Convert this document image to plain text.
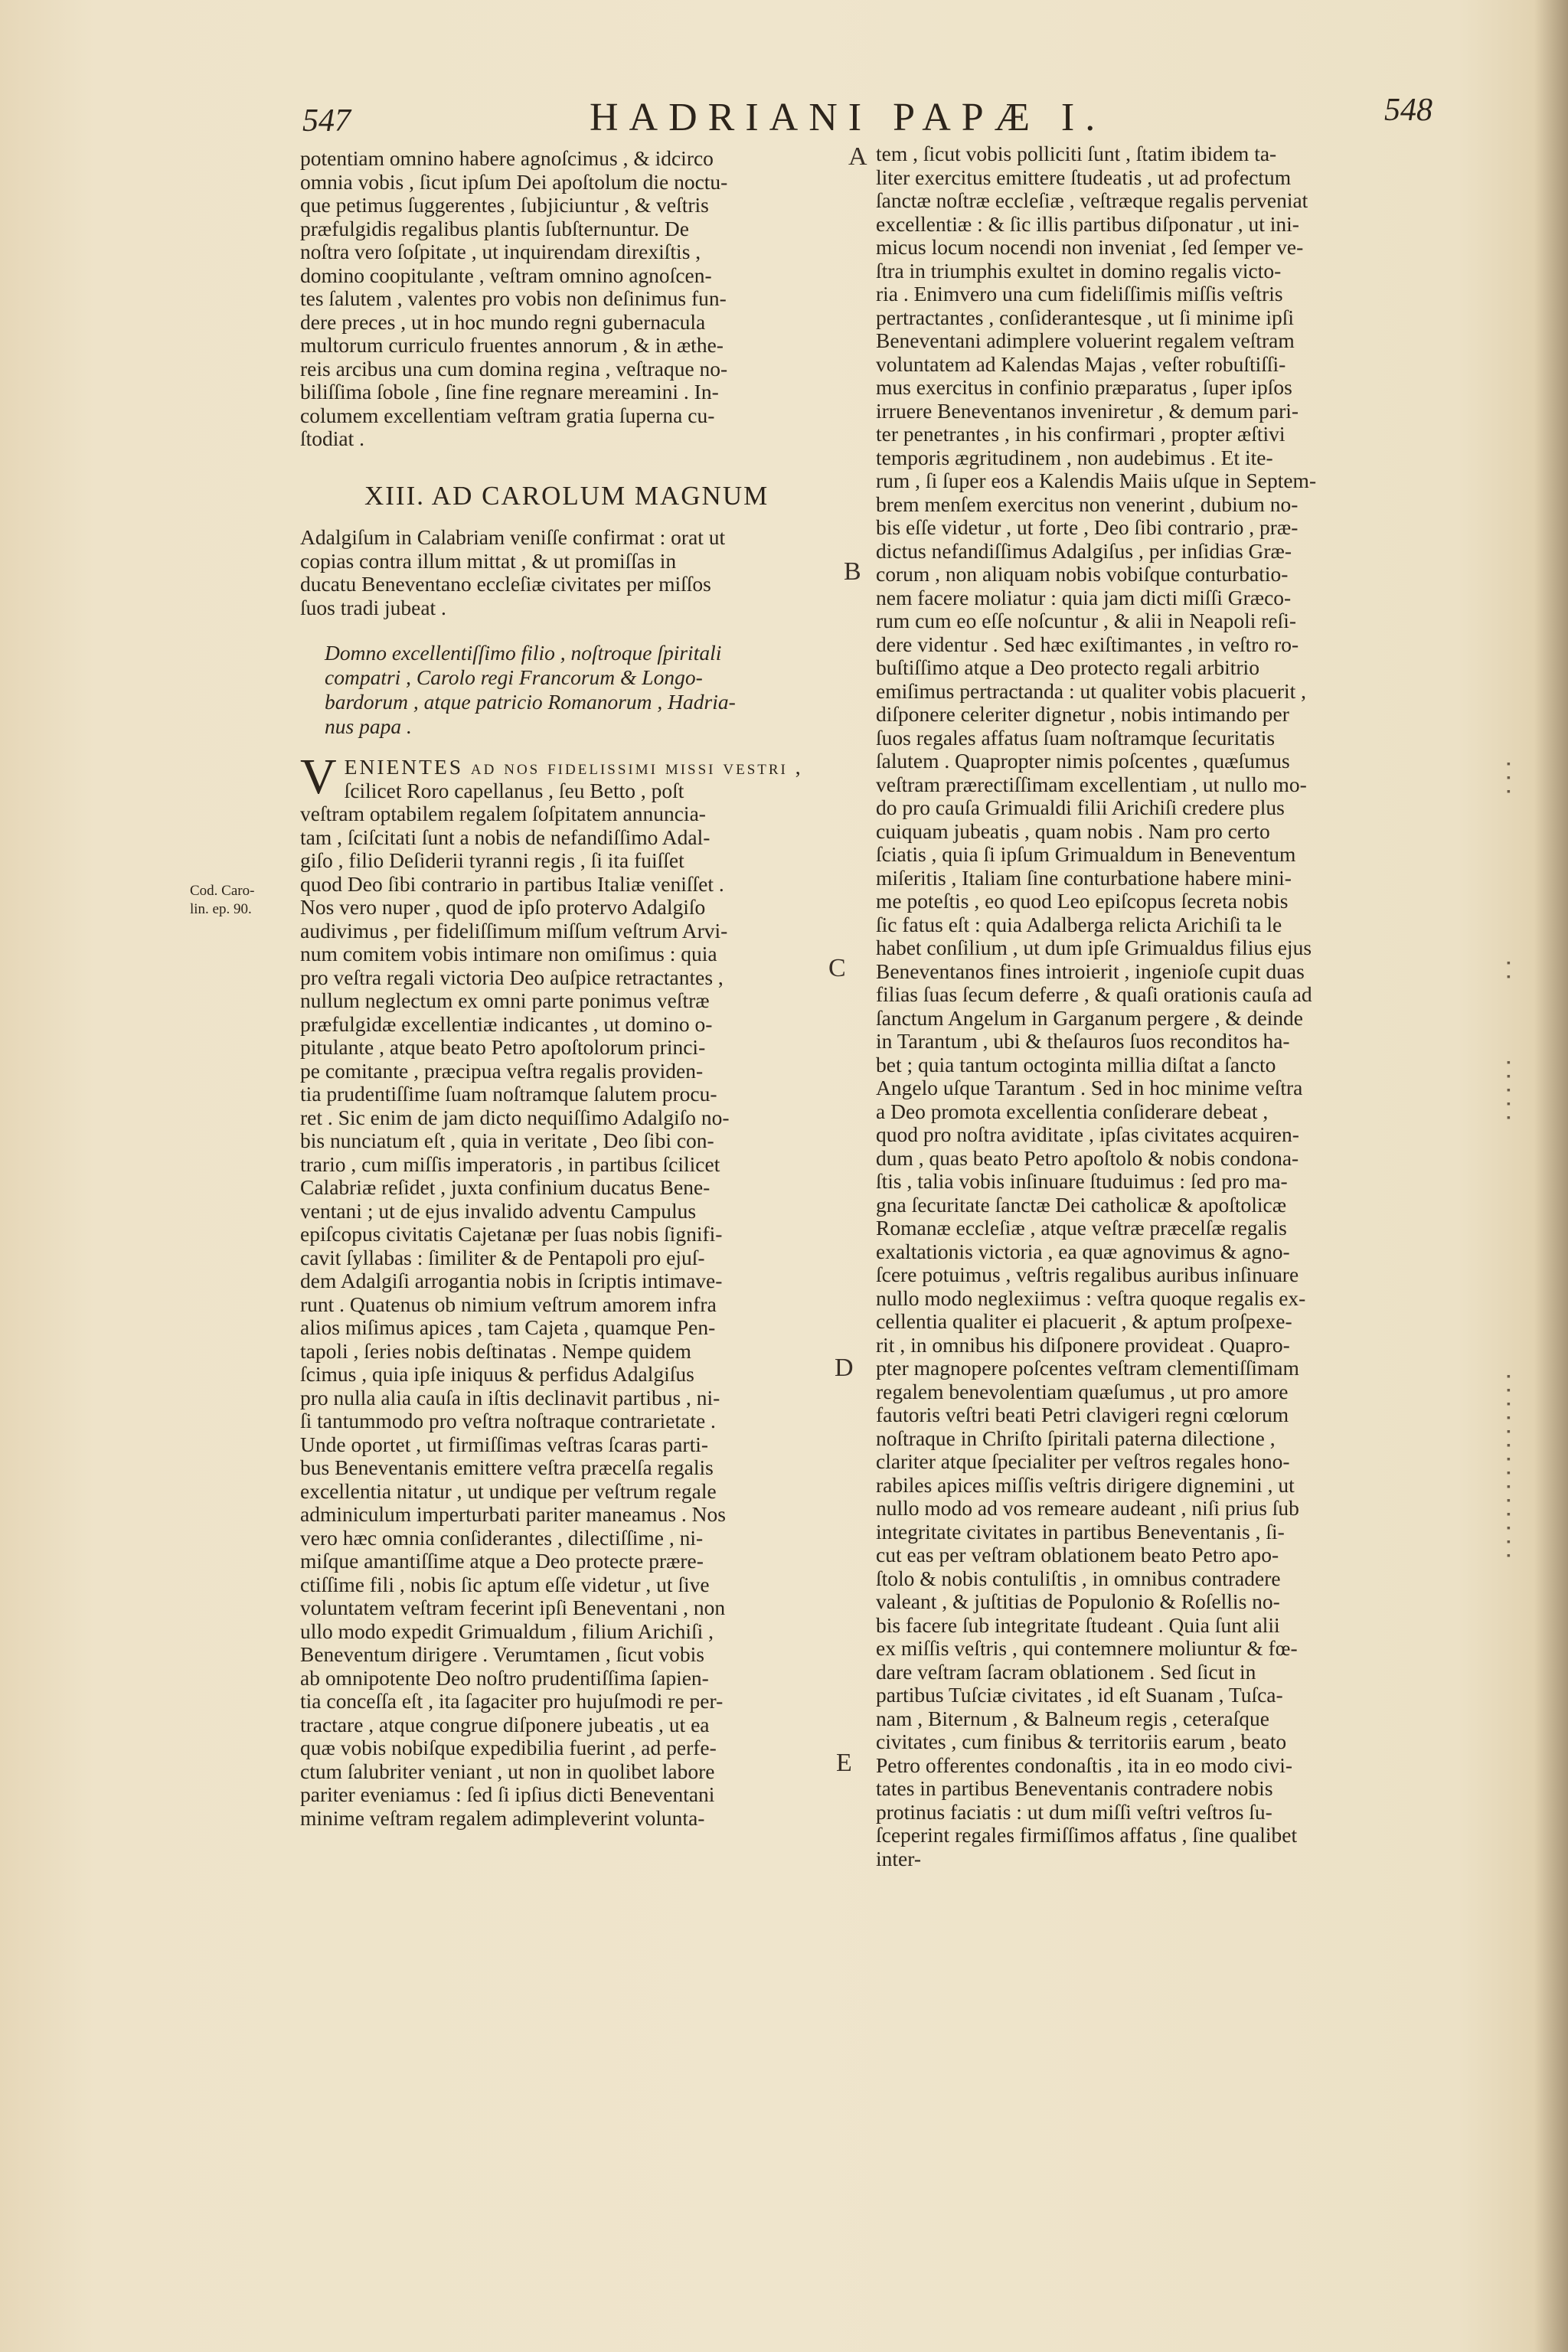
547	HADRIANI PAPÆ I.	548
A
B
C
D
E
Cod. Caro-
lin. ep. 90.
potentiam omnino habere agnoſcimus , & idcirco
omnia vobis , ſicut ipſum Dei apoſtolum die noctu-
que petimus ſuggerentes , ſubjiciuntur , & veſtris
præfulgidis regalibus plantis ſubſternuntur. De
noſtra vero ſoſpitate , ut inquirendam direxiſtis ,
domino coopitulante , veſtram omnino agnoſcen-
tes ſalutem , valentes pro vobis non deſinimus fun-
dere preces , ut in hoc mundo regni gubernacula
multorum curriculo fruentes annorum , & in æthe-
reis arcibus una cum domina regina , veſtraque no-
biliſſima ſobole , ſine fine regnare mereamini . In-
columem excellentiam veſtram gratia ſuperna cu-
ſtodiat .
XIII. AD CAROLUM MAGNUM
Adalgiſum in Calabriam veniſſe confirmat : orat ut
copias contra illum mittat , & ut promiſſas in
ducatu Beneventano eccleſiæ civitates per miſſos
ſuos tradi jubeat .
Domno excellentiſſimo filio , noſtroque ſpiritali
compatri , Carolo regi Francorum & Longo-
bardorum , atque patricio Romanorum , Hadria-
nus papa .
V ENIENTES ad nos fideliſſimi miſſi veſtri ,
ſcilicet Roro capellanus , ſeu Betto , poſt
veſtram optabilem regalem ſoſpitatem annuncia-
tam , ſciſcitati ſunt a nobis de nefandiſſimo Adal-
giſo , filio Deſiderii tyranni regis , ſi ita fuiſſet
quod Deo ſibi contrario in partibus Italiæ veniſſet .
Nos vero nuper , quod de ipſo protervo Adalgiſo
audivimus , per fideliſſimum miſſum veſtrum Arvi-
num comitem vobis intimare non omiſimus : quia
pro veſtra regali victoria Deo auſpice retractantes ,
nullum neglectum ex omni parte ponimus veſtræ
præfulgidæ excellentiæ indicantes , ut domino o-
pitulante , atque beato Petro apoſtolorum princi-
pe comitante , præcipua veſtra regalis providen-
tia prudentiſſime ſuam noſtramque ſalutem procu-
ret . Sic enim de jam dicto nequiſſimo Adalgiſo no-
bis nunciatum eſt , quia in veritate , Deo ſibi con-
trario , cum miſſis imperatoris , in partibus ſcilicet
Calabriæ reſidet , juxta confinium ducatus Bene-
ventani ; ut de ejus invalido adventu Campulus
epiſcopus civitatis Cajetanæ per ſuas nobis ſignifi-
cavit ſyllabas : ſimiliter & de Pentapoli pro ejuſ-
dem Adalgiſi arrogantia nobis in ſcriptis intimave-
runt . Quatenus ob nimium veſtrum amorem infra
alios miſimus apices , tam Cajeta , quamque Pen-
tapoli , ſeries nobis deſtinatas . Nempe quidem
ſcimus , quia ipſe iniquus & perfidus Adalgiſus
pro nulla alia cauſa in iſtis declinavit partibus , ni-
ſi tantummodo pro veſtra noſtraque contrarietate .
Unde oportet , ut firmiſſimas veſtras ſcaras parti-
bus Beneventanis emittere veſtra præcelſa regalis
excellentia nitatur , ut undique per veſtrum regale
adminiculum imperturbati pariter maneamus . Nos
vero hæc omnia conſiderantes , dilectiſſime , ni-
miſque amantiſſime atque a Deo protecte prære-
ctiſſime fili , nobis ſic aptum eſſe videtur , ut ſive
voluntatem veſtram fecerint ipſi Beneventani , non
ullo modo expedit Grimualdum , filium Arichiſi ,
Beneventum dirigere . Verumtamen , ſicut vobis
ab omnipotente Deo noſtro prudentiſſima ſapien-
tia conceſſa eſt , ita ſagaciter pro hujuſmodi re per-
tractare , atque congrue diſponere jubeatis , ut ea
quæ vobis nobiſque expedibilia fuerint , ad perfe-
ctum ſalubriter veniant , ut non in quolibet labore
pariter eveniamus : ſed ſi ipſius dicti Beneventani
minime veſtram regalem adimpleverint volunta-
tem , ſicut vobis polliciti ſunt , ſtatim ibidem ta-
liter exercitus emittere ſtudeatis , ut ad profectum
ſanctæ noſtræ eccleſiæ , veſtræque regalis perveniat
excellentiæ : & ſic illis partibus diſponatur , ut ini-
micus locum nocendi non inveniat , ſed ſemper ve-
ſtra in triumphis exultet in domino regalis victo-
ria . Enimvero una cum fideliſſimis miſſis veſtris
pertractantes , conſiderantesque , ut ſi minime ipſi
Beneventani adimplere voluerint regalem veſtram
voluntatem ad Kalendas Majas , veſter robuſtiſſi-
mus exercitus in confinio præparatus , ſuper ipſos
irruere Beneventanos inveniretur , & demum pari-
ter penetrantes , in his confirmari , propter æſtivi
temporis ægritudinem , non audebimus . Et ite-
rum , ſi ſuper eos a Kalendis Maiis uſque in Septem-
brem menſem exercitus non venerint , dubium no-
bis eſſe videtur , ut forte , Deo ſibi contrario , præ-
dictus nefandiſſimus Adalgiſus , per inſidias Græ-
corum , non aliquam nobis vobiſque conturbatio-
nem facere moliatur : quia jam dicti miſſi Græco-
rum cum eo eſſe noſcuntur , & alii in Neapoli reſi-
dere videntur . Sed hæc exiſtimantes , in veſtro ro-
buſtiſſimo atque a Deo protecto regali arbitrio
emiſimus pertractanda : ut qualiter vobis placuerit ,
diſponere celeriter dignetur , nobis intimando per
ſuos regales affatus ſuam noſtramque ſecuritatis
ſalutem . Quapropter nimis poſcentes , quæſumus
veſtram prærectiſſimam excellentiam , ut nullo mo-
do pro cauſa Grimualdi filii Arichiſi credere plus
cuiquam jubeatis , quam nobis . Nam pro certo
ſciatis , quia ſi ipſum Grimualdum in Beneventum
miſeritis , Italiam ſine conturbatione habere mini-
me poteſtis , eo quod Leo epiſcopus ſecreta nobis
ſic fatus eſt : quia Adalberga relicta Arichiſi ta le
habet conſilium , ut dum ipſe Grimualdus filius ejus
Beneventanos fines introierit , ingenioſe cupit duas
filias ſuas ſecum deferre , & quaſi orationis cauſa ad
ſanctum Angelum in Garganum pergere , & deinde
in Tarantum , ubi & theſauros ſuos reconditos ha-
bet ; quia tantum octoginta millia diſtat a ſancto
Angelo uſque Tarantum . Sed in hoc minime veſtra
a Deo promota excellentia conſiderare debeat ,
quod pro noſtra aviditate , ipſas civitates acquiren-
dum , quas beato Petro apoſtolo & nobis condona-
ſtis , talia vobis inſinuare ſtuduimus : ſed pro ma-
gna ſecuritate ſanctæ Dei catholicæ & apoſtolicæ
Romanæ eccleſiæ , atque veſtræ præcelſæ regalis
exaltationis victoria , ea quæ agnovimus & agno-
ſcere potuimus , veſtris regalibus auribus inſinuare
nullo modo neglexiimus : veſtra quoque regalis ex-
cellentia qualiter ei placuerit , & aptum proſpexe-
rit , in omnibus his diſponere provideat . Quapro-
pter magnopere poſcentes veſtram clementiſſimam
regalem benevolentiam quæſumus , ut pro amore
fautoris veſtri beati Petri clavigeri regni cœlorum
noſtraque in Chriſto ſpiritali paterna dilectione ,
clariter atque ſpecialiter per veſtros regales hono-
rabiles apices miſſis veſtris dirigere dignemini , ut
nullo modo ad vos remeare audeant , niſi prius ſub
integritate civitates in partibus Beneventanis , ſi-
cut eas per veſtram oblationem beato Petro apo-
ſtolo & nobis contuliſtis , in omnibus contradere
valeant , & juſtitias de Populonio & Roſellis no-
bis facere ſub integritate ſtudeant . Quia ſunt alii
ex miſſis veſtris , qui contemnere moliuntur & fœ-
dare veſtram ſacram oblationem . Sed ſicut in
partibus Tuſciæ civitates , id eſt Suanam , Tuſca-
nam , Biternum , & Balneum regis , ceteraſque
civitates , cum finibus & territoriis earum , beato
Petro offerentes condonaſtis , ita in eo modo civi-
tates in partibus Beneventanis contradere nobis
protinus faciatis : ut dum miſſi veſtri veſtros ſu-
ſceperint regales firmiſſimos affatus , ſine qualibet
inter-
▪
▪
▪
▪
▪
▪
▪
▪
▪
▪
▪
▪
▪
▪
▪
▪
▪
▪
▪
▪
▪
▪
▪
▪
